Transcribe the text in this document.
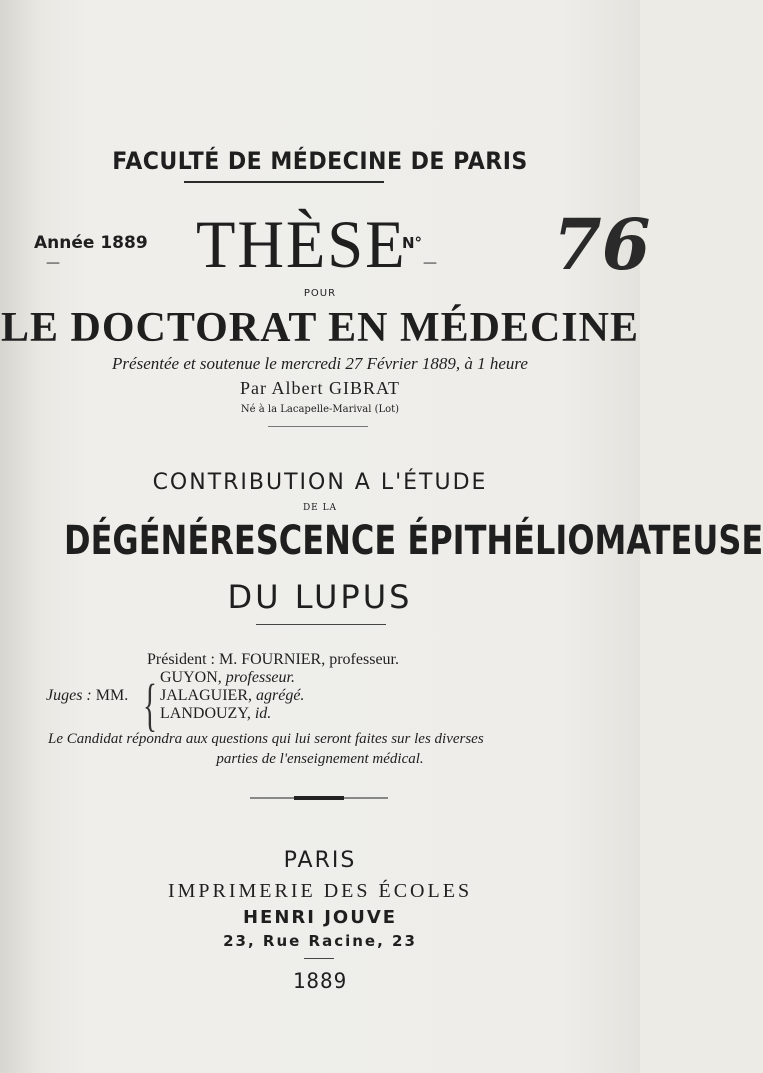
FACULTÉ DE MÉDECINE DE PARIS
Année 1889
— THÈSE
N°
— 76
POUR
LE DOCTORAT EN MÉDECINE
Présentée et soutenue le mercredi 27 Février 1889, à 1 heure
Par Albert GIBRAT
Né à la Lacapelle-Marival (Lot)
CONTRIBUTION A L'ÉTUDE
DE LA
DÉGÉNÉRESCENCE ÉPITHÉLIOMATEUSE
DU LUPUS
Président : M. FOURNIER, professeur.
Juges : MM. { GUYON, professeur.
JALAGUIER, agrégé.
LANDOUZY, id.
Le Candidat répondra aux questions qui lui seront faites sur les diverses
parties de l'enseignement médical.
PARIS
IMPRIMERIE DES ÉCOLES
HENRI JOUVE
23, Rue Racine, 23
1889
